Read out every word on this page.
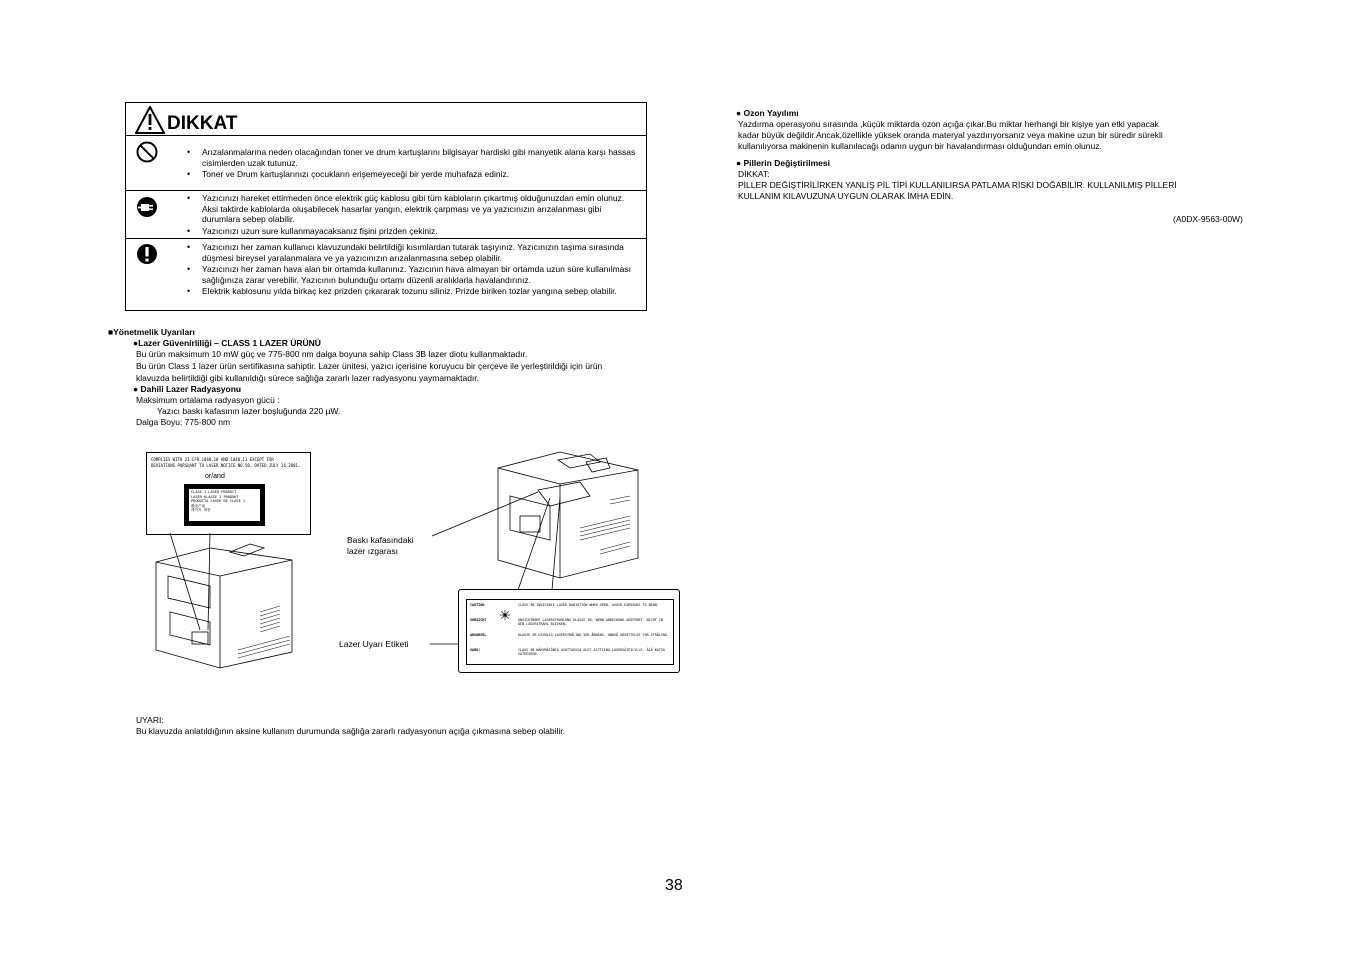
DIKKAT
• Arızalanmalarına neden olacağından toner ve drum kartuşlarını bilgisayar hardiski gibi manyetik alana karşı hassas cisimlerden uzak tutunuz.
• Toner ve Drum kartuşlarınızı çocukların erişemeyeceği bir yerde muhafaza ediniz.
• Yazıcınızı hareket ettirmeden önce elektrik güç kablosu gibi tüm kabloların çıkartmış olduğunuzdan emin olunuz. Aksi taktirde kablolarda oluşabilecek hasarlar yangın, elektrik çarpması ve ya yazıcınızın arızalanması gibi durumlara sebep olabilir.
• Yazıcınızı uzun sure kullanmayacaksanız fişini prizden çekiniz.
• Yazıcınızı her zaman kullanıcı klavuzundaki belirtildiği kısımlardan tutarak taşıyınız. Yazıcınızın taşıma sırasında düşmesi bireysel yaralanmalara ve ya yazıcınızın arızalanmasına sebep olabilir.
• Yazıcınızı her zaman hava alan bir ortamda kullanınız. Yazıcının hava almayan bir ortamda uzun süre kullanılması sağlığınıza zarar verebilir. Yazıcının bulunduğu ortamı düzenli aralıklarla havalandırınız.
• Elektrik kablosunu yılda birkaç kez prizden çıkararak tozunu siliniz. Prizde biriken tozlar yangına sebep olabilir.
■Yönetmelik Uyarıları
●Lazer Güvenirliliği – CLASS 1 LAZER ÜRÜNÜ
Bu ürün maksimum 10 mW güç ve 775-800 nm dalga boyuna sahip Class 3B lazer diotu kullanmaktadır.
Bu ürün Class 1 lazer ürün sertifikasına sahiptir. Lazer ünitesi, yazıcı içerisine koruyucu bir çerçeve ile yerleştirildiği için ürün
klavuzda belirtildiği gibi kullanıldığı sürece sağlığa zararlı lazer radyasyonu yaymamaktadır.
● Dahili Lazer Radyasyonu
Maksimum ortalama radyasyon gücü :
Yazıcı baskı kafasının lazer boşluğunda 220 µW.
Dalga Boyu: 775-800 nm
COMPLIES WITH 21 CFR 1040.10 AND 1040.11 EXCEPT FOR
DEVIATIONS PURSUANT TO LASER NOTICE NO.50, DATED JULY 26,2001.
or/and
CLASS 1 LASER PRODUCT
LASER KLASSE 1 PRODUKT
PRODUCTO LASER DE CLASE 1
激光产品
레이저 제품
Baskı kafasındaki
lazer ızgarası
Lazer Uyarı Etiketi
CAUTION	CLASS 3B INVISIBLE LASER RADIATION WHEN OPEN. AVOID EXPOSURE TO BEAM.
VORSICHT	UNSICHTBARE LASERSTRAHLUNG KLASSE 3B, WENN ABDECKUNG GEÖFFNET. NICHT IN DEN LASERSTRAHL BLICKEN.
ADVARSEL	KLASSE 3B USYNLIG LASERSTRÅLING VED ÅBNING. UNDGÅ UDSÆTTELSE FOR STRÅLING.
VARO!	CLASS 3B NÄKYMÄTÖNTÄ AVATTAESSA OLET ALTTIINA LASERSÄTEILYLLE. ÄLÄ KATSO SÄTEESEEN.
UYARI:
Bu klavuzda anlatıldığının aksine kullanım durumunda sağlığa zararlı radyasyonun açığa çıkmasına sebep olabilir.
● Ozon Yayılımı
Yazdırma operasyonu sırasında ,küçük miktarda ozon açığa çıkar.Bu miktar herhangi bir kişiye yan etki yapacak
kadar büyük değildir.Ancak,özellikle yüksek oranda materyal yazdırıyorsanız veya makine uzun bir süredir sürekli
kullanılıyorsa makinenin kullanılacağı odanın uygun bir havalandırması olduğundan emin olunuz.
● Pillerin Değiştirilmesi
DİKKAT:
PİLLER DEĞİŞTİRİLİRKEN YANLIŞ PİL TİPİ KULLANILIRSA PATLAMA RİSKİ DOĞABİLİR. KULLANILMIŞ PİLLERİ
KULLANIM KILAVUZUNA UYGUN OLARAK İMHA EDİN.
(A0DX-9563-00W)
38
